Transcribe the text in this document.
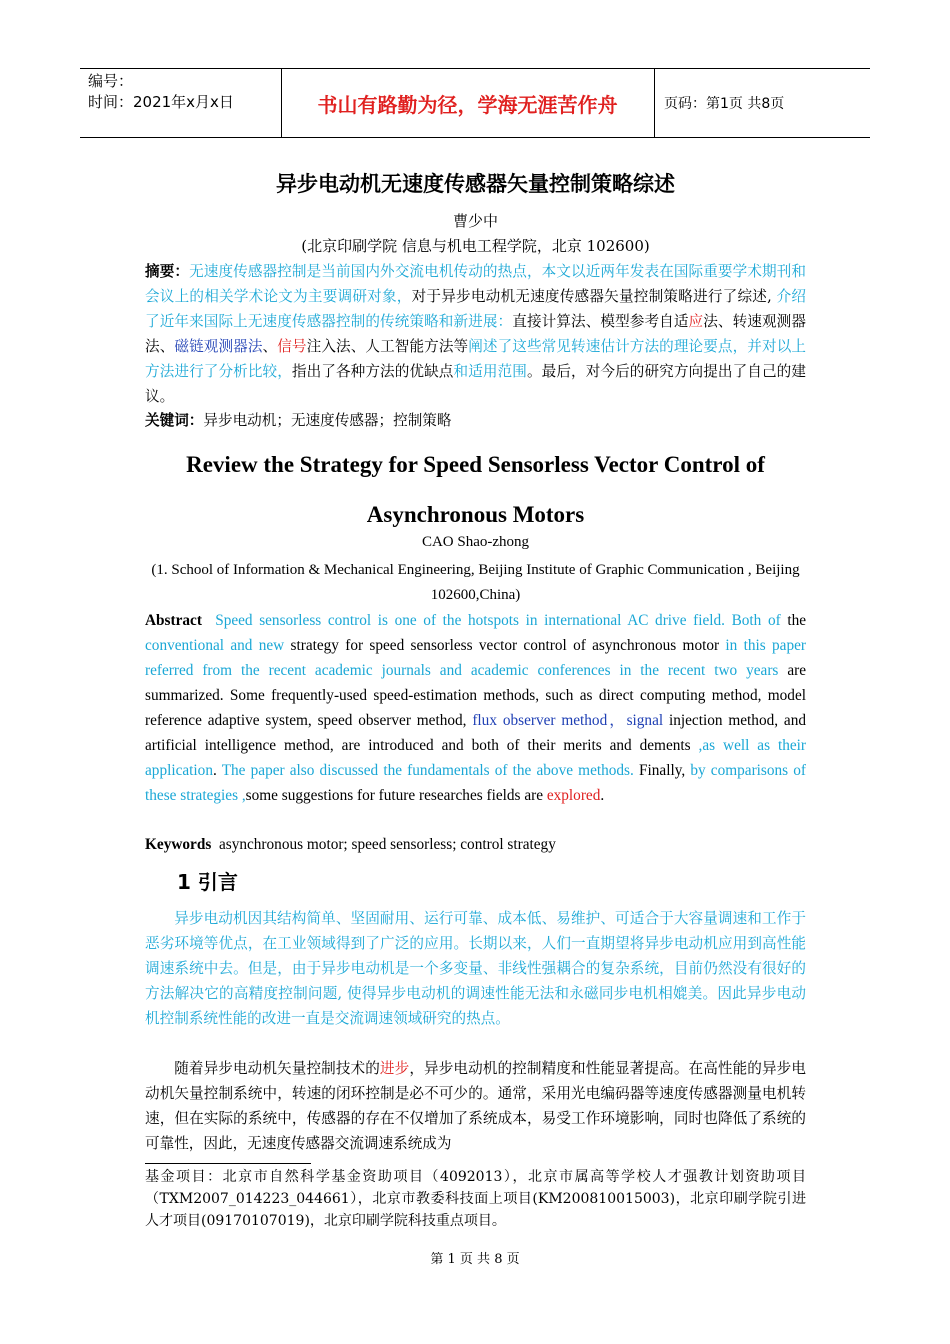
编号：
时间：2021年x月x日	书山有路勤为径，学海无涯苦作舟	页码：第1页 共8页
异步电动机无速度传感器矢量控制策略综述
曹少中
(北京印刷学院 信息与机电工程学院，北京 102600)
摘要：无速度传感器控制是当前国内外交流电机传动的热点，本文以近两年发表在国际重要学术期刊和会议上的相关学术论文为主要调研对象，对于异步电动机无速度传感器矢量控制策略进行了综述, 介绍了近年来国际上无速度传感器控制的传统策略和新进展：直接计算法、模型参考自适应法、转速观测器法、磁链观测器法、信号注入法、人工智能方法等阐述了这些常见转速估计方法的理论要点，并对以上方法进行了分析比较，指出了各种方法的优缺点和适用范围。最后，对今后的研究方向提出了自己的建议。
关键词：异步电动机；无速度传感器；控制策略
Review the Strategy for Speed Sensorless Vector Control of Asynchronous Motors
CAO Shao-zhong
(1. School of Information & Mechanical Engineering, Beijing Institute of Graphic Communication , Beijing 102600,China)
Abstract Speed sensorless control is one of the hotspots in international AC drive field. Both of the conventional and new strategy for speed sensorless vector control of asynchronous motor in this paper referred from the recent academic journals and academic conferences in the recent two years are summarized. Some frequently-used speed-estimation methods, such as direct computing method, model reference adaptive system, speed observer method, flux observer method，signal injection method, and artificial intelligence method, are introduced and both of their merits and dements ,as well as their application. The paper also discussed the fundamentals of the above methods. Finally, by comparisons of these strategies ,some suggestions for future researches fields are explored.
Keywords asynchronous motor; speed sensorless; control strategy
1 引言
异步电动机因其结构简单、坚固耐用、运行可靠、成本低、易维护、可适合于大容量调速和工作于恶劣环境等优点，在工业领域得到了广泛的应用。长期以来，人们一直期望将异步电动机应用到高性能调速系统中去。但是，由于异步电动机是一个多变量、非线性强耦合的复杂系统，目前仍然没有很好的方法解决它的高精度控制问题, 使得异步电动机的调速性能无法和永磁同步电机相媲美。因此异步电动机控制系统性能的改进一直是交流调速领域研究的热点。
随着异步电动机矢量控制技术的进步，异步电动机的控制精度和性能显著提高。在高性能的异步电动机矢量控制系统中，转速的闭环控制是必不可少的。通常，采用光电编码器等速度传感器测量电机转速，但在实际的系统中，传感器的存在不仅增加了系统成本，易受工作环境影响，同时也降低了系统的可靠性，因此，无速度传感器交流调速系统成为
基金项目：北京市自然科学基金资助项目（4092013），北京市属高等学校人才强教计划资助项目（TXM2007_014223_044661），北京市教委科技面上项目(KM200810015003)，北京印刷学院引进人才项目(09170107019)，北京印刷学院科技重点项目。
第 1 页 共 8 页
